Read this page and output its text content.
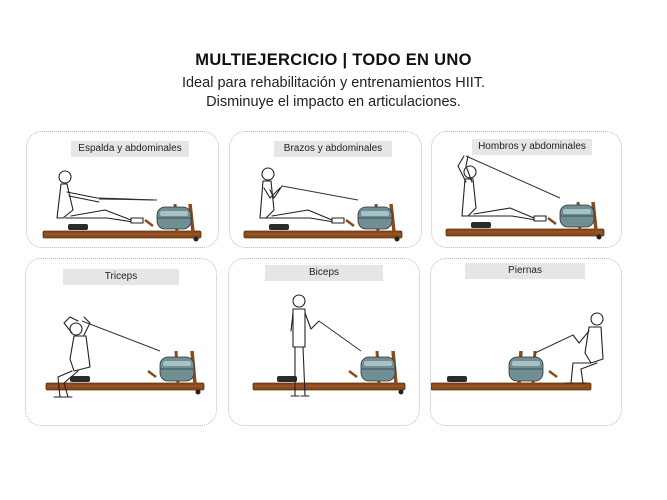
MULTIEJERCICIO | TODO EN UNO
Ideal para rehabilitación y entrenamientos HIIT.
Disminuye el impacto en articulaciones.
Espalda y abdominales	Brazos y abdominales	Hombros y abdominales
Triceps	Biceps	Piernas
